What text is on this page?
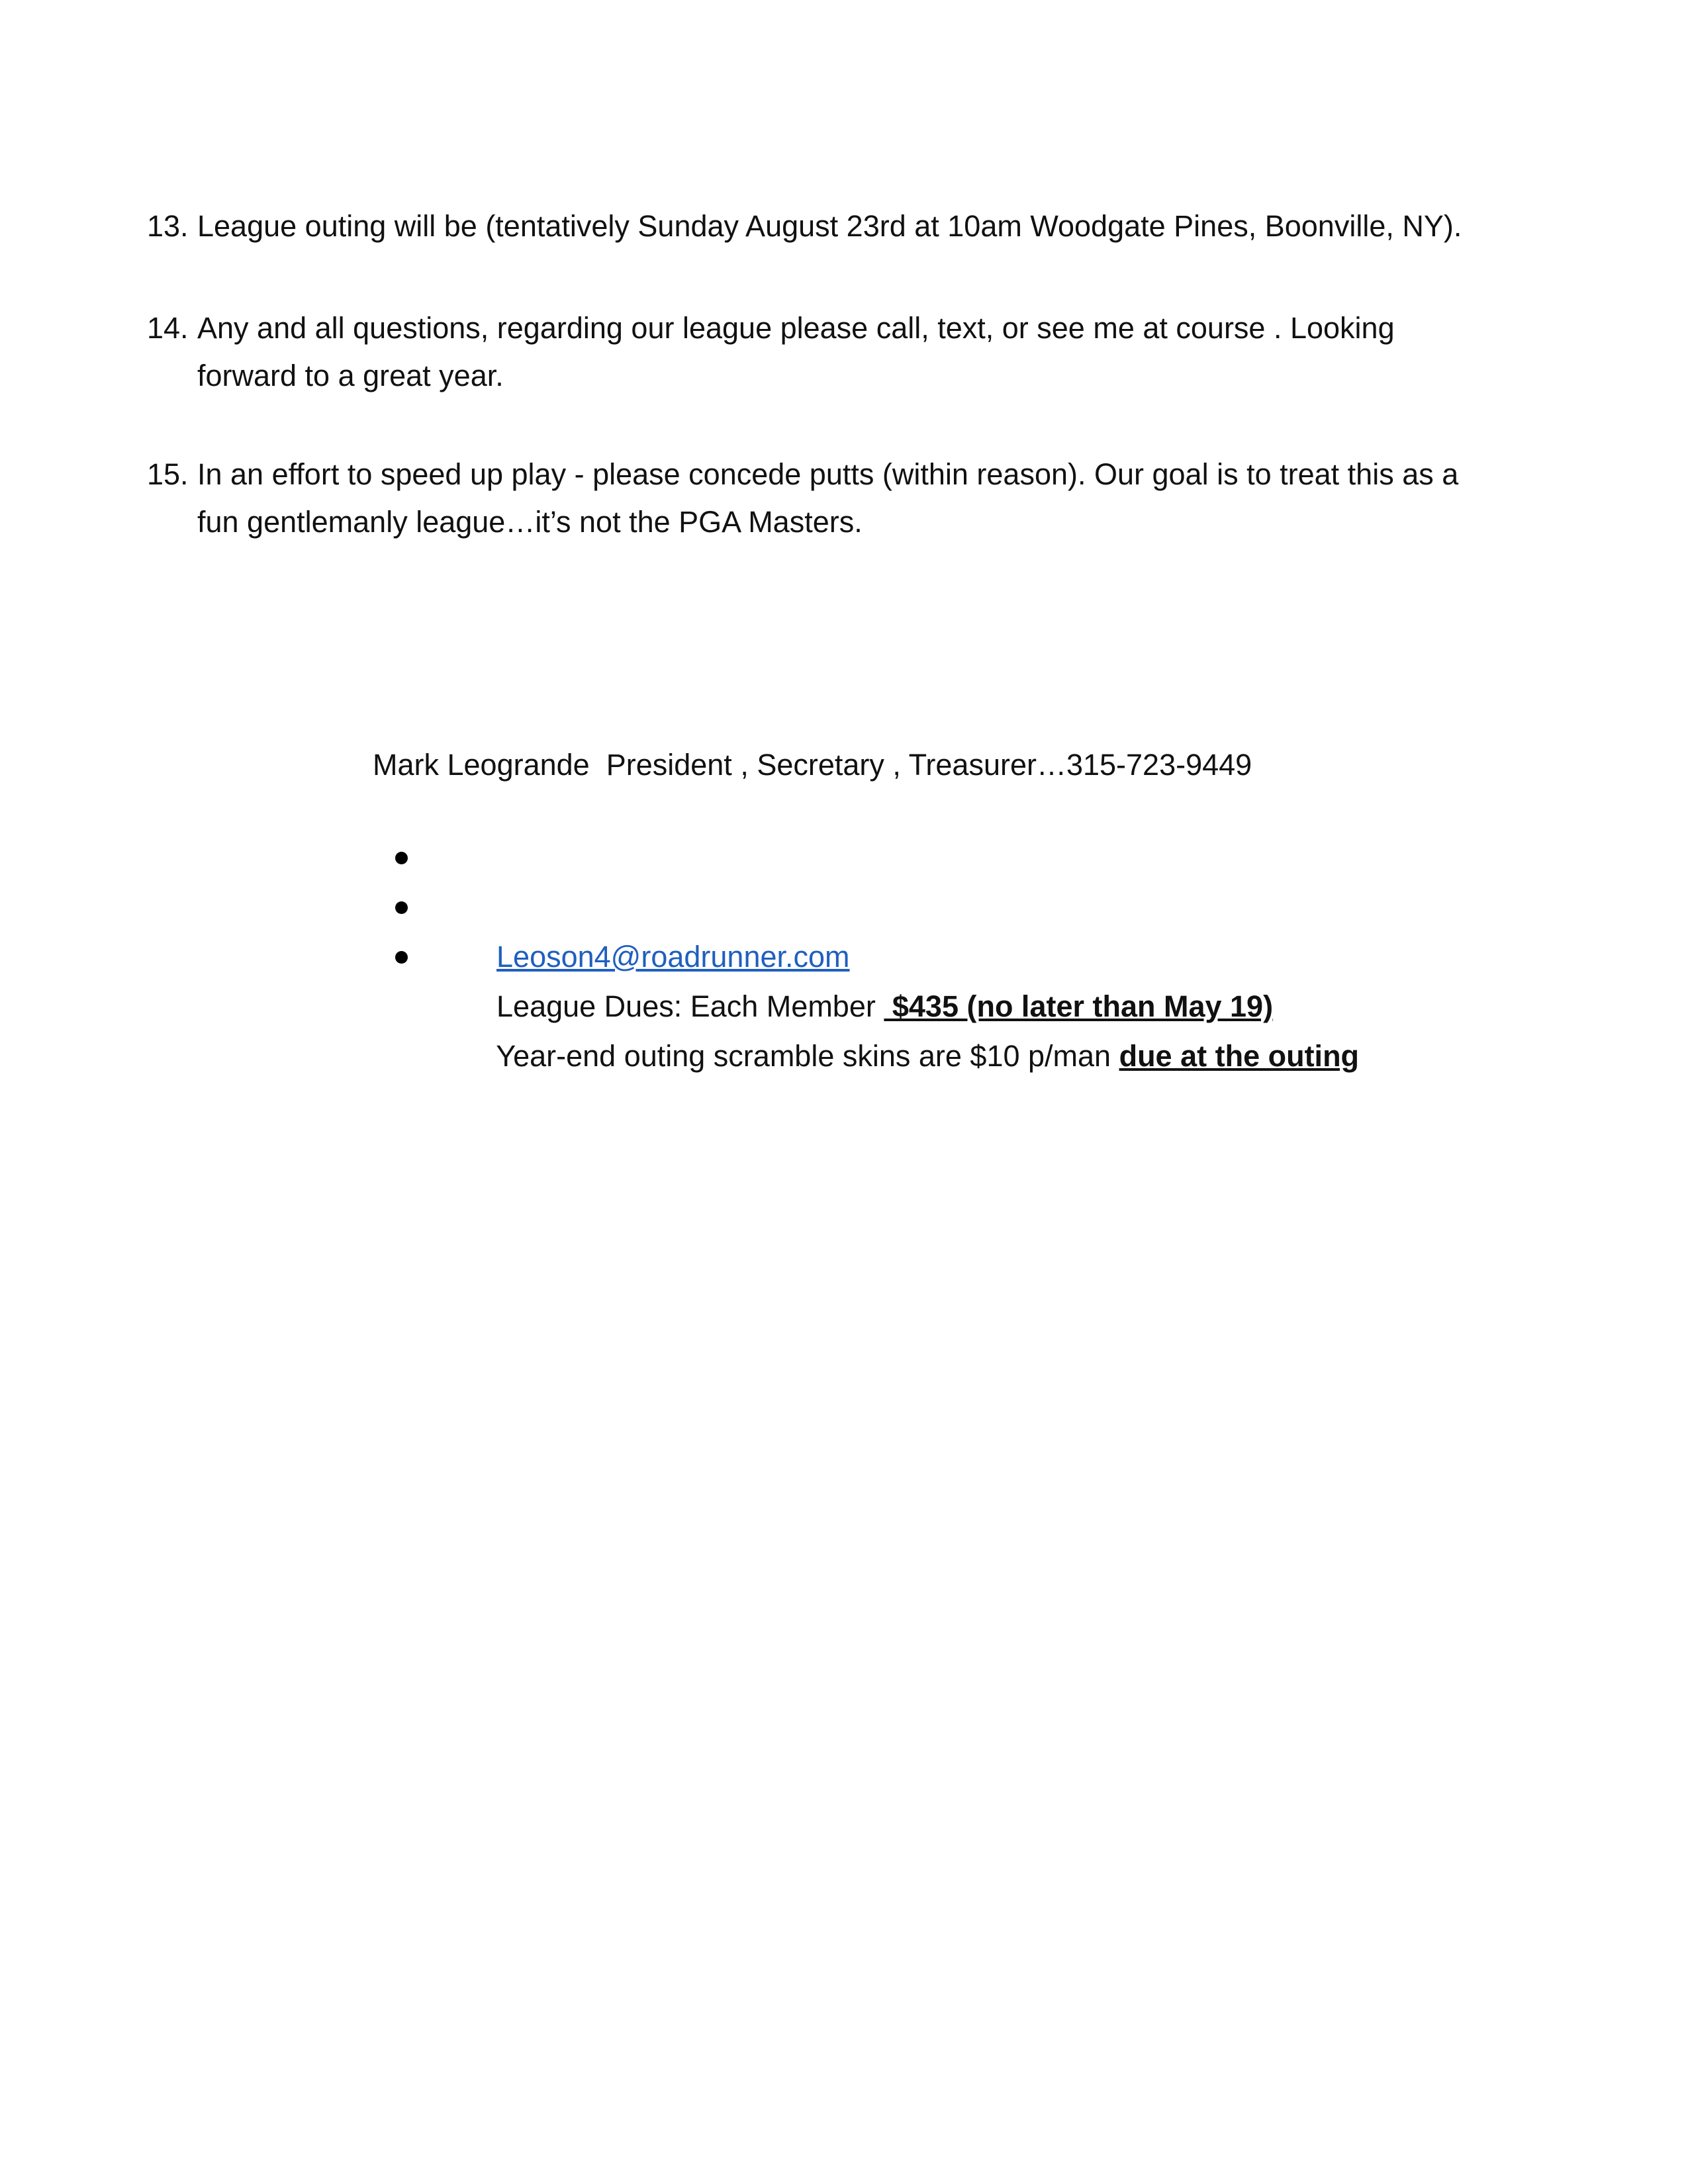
13. League outing will be (tentatively Sunday August 23rd at 10am Woodgate Pines, Boonville, NY).
14. Any and all questions, regarding our league please call, text, or see me at course . Looking
forward to a great year.
15. In an effort to speed up play - please concede putts (within reason). Our goal is to treat this as a
fun gentlemanly league…it’s not the PGA Masters.
Mark Leogrande  President , Secretary , Treasurer…315-723-9449

Leoson4@roadrunner.com

League Dues: Each Member  $435 (no later than May 19)

Year-end outing scramble skins are $10 p/man due at the outing
